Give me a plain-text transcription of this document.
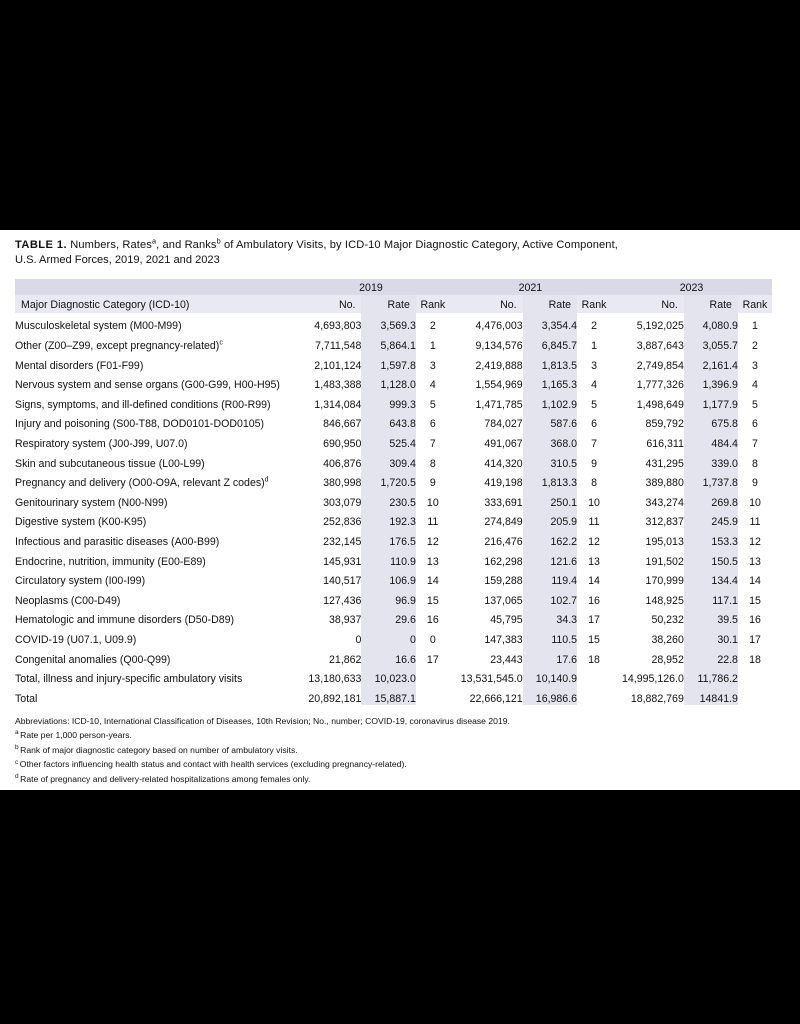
TABLE 1. Numbers, Rates$^a$, and Ranks$^b$ of Ambulatory Visits, by ICD-10 Major Diagnostic Category, Active Component,
U.S. Armed Forces, 2019, 2021 and 2023
	2019			2021			2023		
Major Diagnostic Category (ICD-10)	No.	Rate	Rank	No.	Rate	Rank	No.	Rate	Rank
Musculoskeletal system (M00-M99)	4,693,803	3,569.3	2	4,476,003	3,354.4	2	5,192,025	4,080.9	1
Other (Z00–Z99, except pregnancy-related)$^c$	7,711,548	5,864.1	1	9,134,576	6,845.7	1	3,887,643	3,055.7	2
Mental disorders (F01-F99)	2,101,124	1,597.8	3	2,419,888	1,813.5	3	2,749,854	2,161.4	3
Nervous system and sense organs (G00-G99, H00-H95)	1,483,388	1,128.0	4	1,554,969	1,165.3	4	1,777,326	1,396.9	4
Signs, symptoms, and ill-defined conditions (R00-R99)	1,314,084	999.3	5	1,471,785	1,102.9	5	1,498,649	1,177.9	5
Injury and poisoning (S00-T88, DOD0101-DOD0105)	846,667	643.8	6	784,027	587.6	6	859,792	675.8	6
Respiratory system (J00-J99, U07.0)	690,950	525.4	7	491,067	368.0	7	616,311	484.4	7
Skin and subcutaneous tissue (L00-L99)	406,876	309.4	8	414,320	310.5	9	431,295	339.0	8
Pregnancy and delivery (O00-O9A, relevant Z codes)$^d$	380,998	1,720.5	9	419,198	1,813.3	8	389,880	1,737.8	9
Genitourinary system (N00-N99)	303,079	230.5	10	333,691	250.1	10	343,274	269.8	10
Digestive system (K00-K95)	252,836	192.3	11	274,849	205.9	11	312,837	245.9	11
Infectious and parasitic diseases (A00-B99)	232,145	176.5	12	216,476	162.2	12	195,013	153.3	12
Endocrine, nutrition, immunity (E00-E89)	145,931	110.9	13	162,298	121.6	13	191,502	150.5	13
Circulatory system (I00-I99)	140,517	106.9	14	159,288	119.4	14	170,999	134.4	14
Neoplasms (C00-D49)	127,436	96.9	15	137,065	102.7	16	148,925	117.1	15
Hematologic and immune disorders (D50-D89)	38,937	29.6	16	45,795	34.3	17	50,232	39.5	16
COVID-19 (U07.1, U09.9)	0	0	0	147,383	110.5	15	38,260	30.1	17
Congenital anomalies (Q00-Q99)	21,862	16.6	17	23,443	17.6	18	28,952	22.8	18
Total, illness and injury-specific ambulatory visits	13,180,633	10,023.0		13,531,545.0	10,140.9		14,995,126.0	11,786.2	
Total	20,892,181	15,887.1		22,666,121	16,986.6		18,882,769	14841.9	
Abbreviations: ICD-10, International Classification of Diseases, 10th Revision; No., number; COVID-19, coronavirus disease 2019.
$^a$ Rate per 1,000 person-years.
$^b$ Rank of major diagnostic category based on number of ambulatory visits.
$^c$ Other factors influencing health status and contact with health services (excluding pregnancy-related).
$^d$ Rate of pregnancy and delivery-related hospitalizations among females only.
